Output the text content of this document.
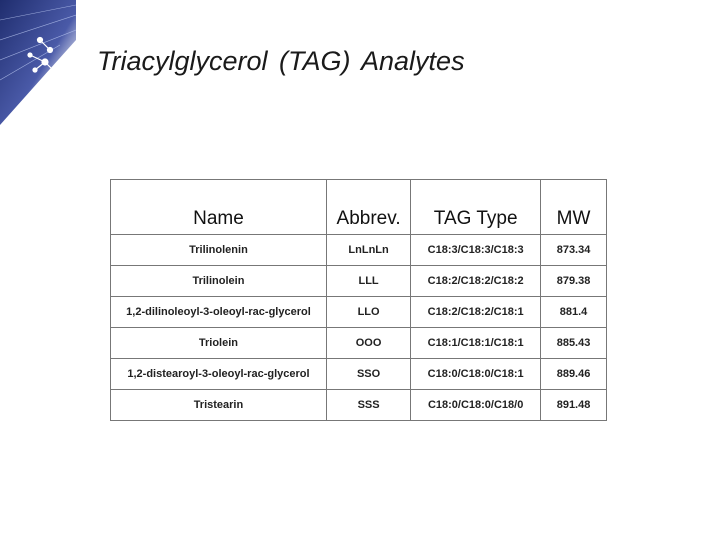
Triacylglycerol (TAG) Analytes
Name	Abbrev.	TAG Type	MW
Trilinolenin	LnLnLn	C18:3/C18:3/C18:3	873.34
Trilinolein	LLL	C18:2/C18:2/C18:2	879.38
1,2-dilinoleoyl-3-oleoyl-rac-glycerol	LLO	C18:2/C18:2/C18:1	881.4
Triolein	OOO	C18:1/C18:1/C18:1	885.43
1,2-distearoyl-3-oleoyl-rac-glycerol	SSO	C18:0/C18:0/C18:1	889.46
Tristearin	SSS	C18:0/C18:0/C18/0	891.48
